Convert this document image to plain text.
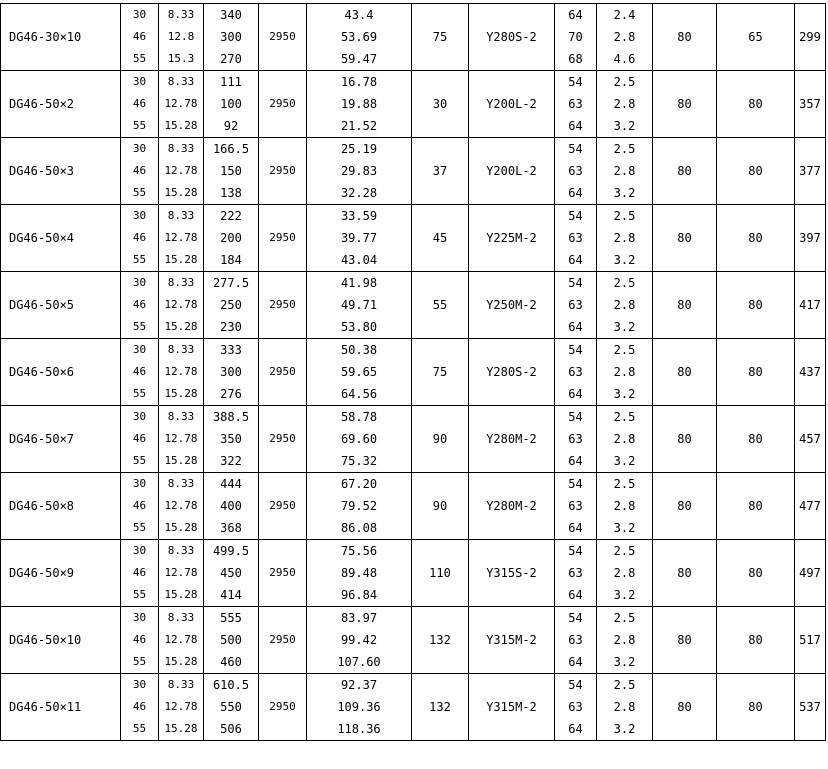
DG46-30×10	30	8.33	340	2950	43.4	75	Y280S-2	64	2.4	80	65	299
	46	12.8	300		53.69			70	2.8			
	55	15.3	270		59.47			68	4.6			
DG46-50×2	30	8.33	111	2950	16.78	30	Y200L-2	54	2.5	80	80	357
	46	12.78	100		19.88			63	2.8			
	55	15.28	92		21.52			64	3.2			
DG46-50×3	30	8.33	166.5	2950	25.19	37	Y200L-2	54	2.5	80	80	377
	46	12.78	150		29.83			63	2.8			
	55	15.28	138		32.28			64	3.2			
DG46-50×4	30	8.33	222	2950	33.59	45	Y225M-2	54	2.5	80	80	397
	46	12.78	200		39.77			63	2.8			
	55	15.28	184		43.04			64	3.2			
DG46-50×5	30	8.33	277.5	2950	41.98	55	Y250M-2	54	2.5	80	80	417
	46	12.78	250		49.71			63	2.8			
	55	15.28	230		53.80			64	3.2			
DG46-50×6	30	8.33	333	2950	50.38	75	Y280S-2	54	2.5	80	80	437
	46	12.78	300		59.65			63	2.8			
	55	15.28	276		64.56			64	3.2			
DG46-50×7	30	8.33	388.5	2950	58.78	90	Y280M-2	54	2.5	80	80	457
	46	12.78	350		69.60			63	2.8			
	55	15.28	322		75.32			64	3.2			
DG46-50×8	30	8.33	444	2950	67.20	90	Y280M-2	54	2.5	80	80	477
	46	12.78	400		79.52			63	2.8			
	55	15.28	368		86.08			64	3.2			
DG46-50×9	30	8.33	499.5	2950	75.56	110	Y315S-2	54	2.5	80	80	497
	46	12.78	450		89.48			63	2.8			
	55	15.28	414		96.84			64	3.2			
DG46-50×10	30	8.33	555	2950	83.97	132	Y315M-2	54	2.5	80	80	517
	46	12.78	500		99.42			63	2.8			
	55	15.28	460		107.60			64	3.2			
DG46-50×11	30	8.33	610.5	2950	92.37	132	Y315M-2	54	2.5	80	80	537
	46	12.78	550		109.36			63	2.8			
	55	15.28	506		118.36			64	3.2			
